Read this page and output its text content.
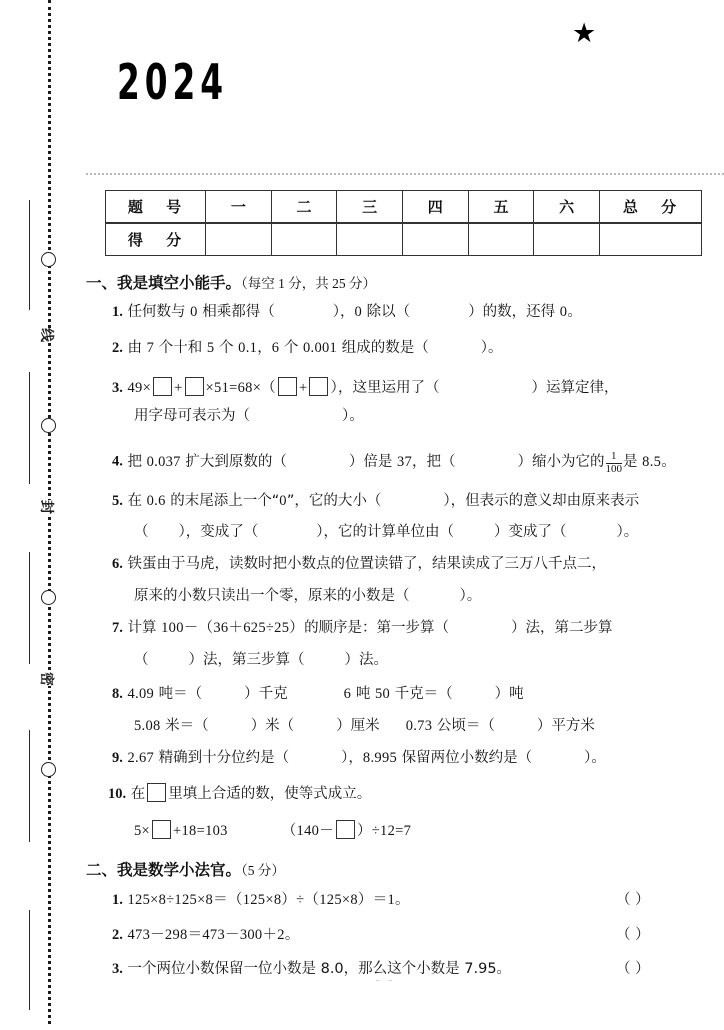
线
封
密
★
2024
题 号	一	二	三	四	五	六	总 分
得 分							
一、我是填空小能手。（每空 1 分，共 25 分）
1. 任何数与 0 相乘都得（	），0 除以（	）的数，还得 0。
2. 由 7 个十和 5 个 0.1，6 个 0.001 组成的数是（	）。
3. 49× + ×51=68×（ + ），这里运用了（	）运算定律，
用字母可表示为（	）。
4. 把 0.037 扩大到原数的（	）倍是 37，把（	）缩小为它的$\frac{1}{100}$ 是 8.5。
5. 在 0.6 的末尾添上一个“0”，它的大小（	），但表示的意义却由原来表示
（ ），变成了（	），它的计算单位由（	）变成了（	）。
6. 铁蛋由于马虎，读数时把小数点的位置读错了，结果读成了三万八千点二，
原来的小数只读出一个零，原来的小数是（	）。
7. 计算 100－（36＋625÷25）的顺序是：第一步算（	）法，第二步算
（	）法，第三步算（	）法。
8. 4.09 吨＝（	）千克	6 吨 50 千克＝（	）吨
5.08 米＝（	）米（	）厘米 0.73 公顷＝（	）平方米
9. 2.67 精确到十分位约是（	），8.995 保留两位小数约是（	）。
10. 在 里填上合适的数，使等式成立。
5× +18=103	（140－ ）÷12=7
二、我是数学小法官。（5 分）
1. 125×8÷125×8＝（125×8）÷（125×8）＝1。	（ ）
2. 473－298＝473－300＋2。	（ ）
3. 一个两位小数保留一位小数是 8.0，那么这个小数是 7.95。	（ ）
- -
